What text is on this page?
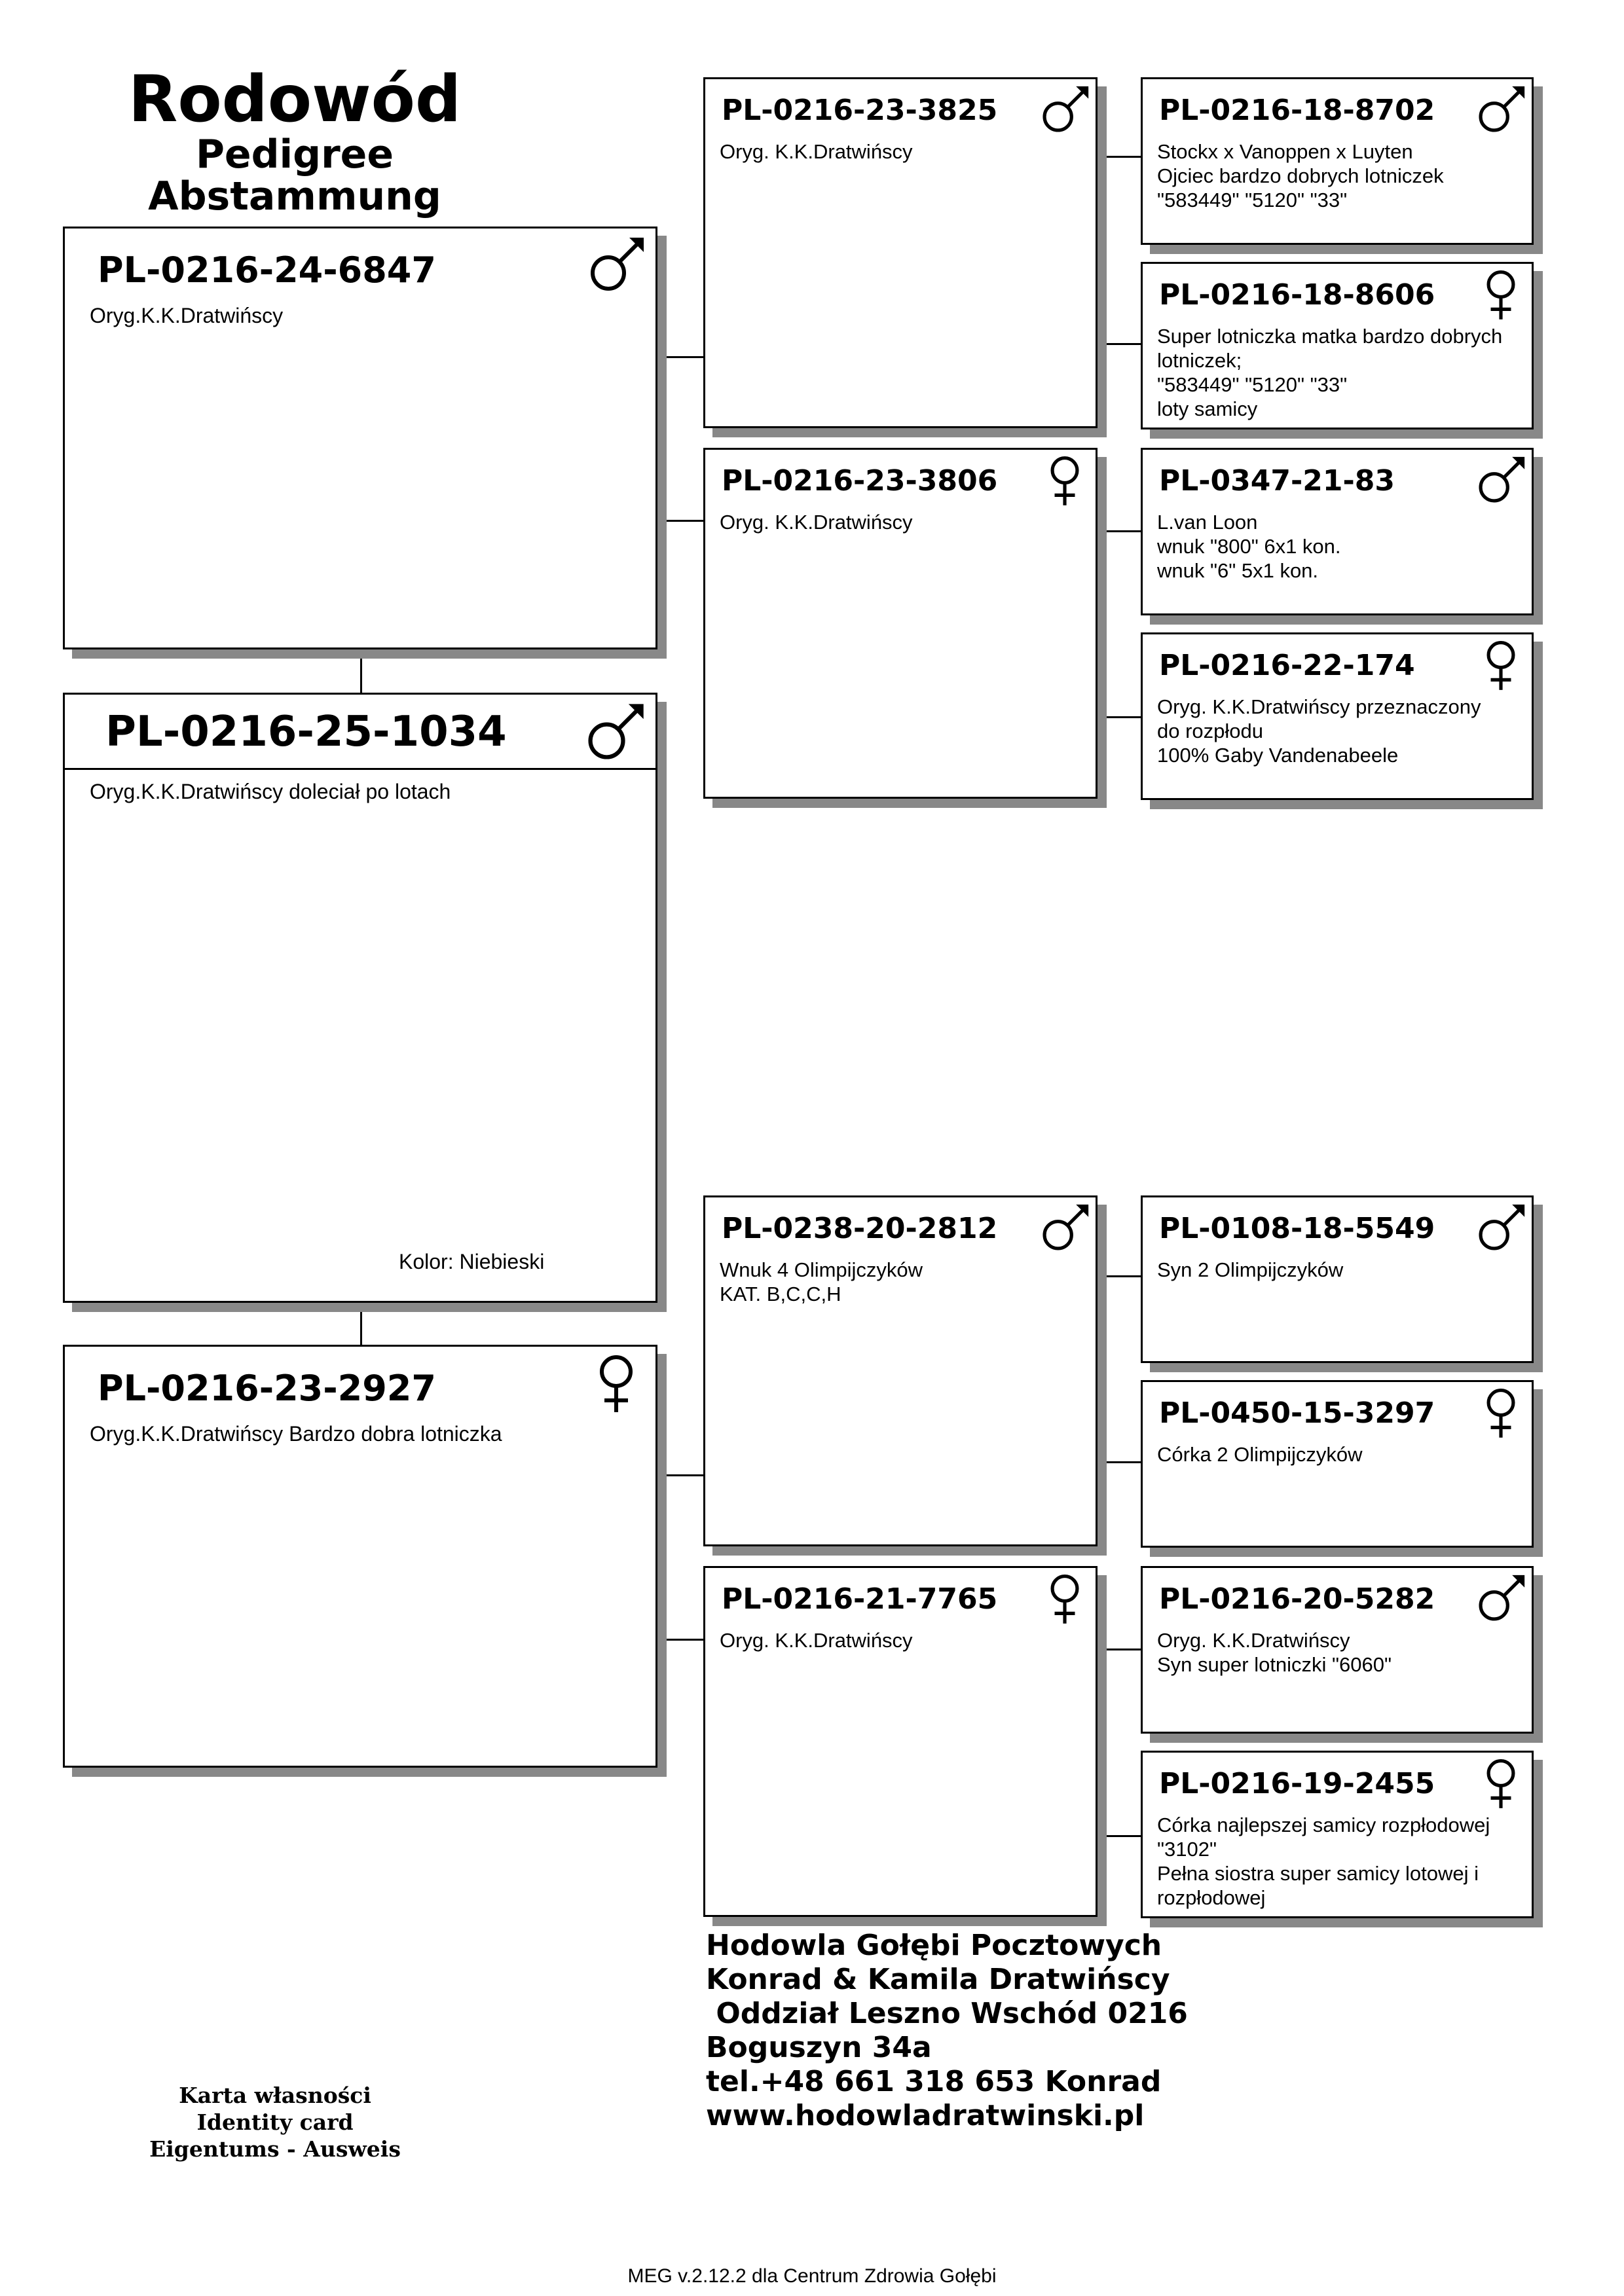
Rodowód
Pedigree
Abstammung
PL-0216-24-6847
Oryg.K.K.Dratwińscy
PL-0216-25-1034
Oryg.K.K.Dratwińscy doleciał po lotach
Kolor: Niebieski
PL-0216-23-2927
Oryg.K.K.Dratwińscy Bardzo dobra lotniczka
PL-0216-23-3825
Oryg. K.K.Dratwińscy
PL-0216-23-3806
Oryg. K.K.Dratwińscy
PL-0238-20-2812
Wnuk 4 Olimpijczyków
KAT. B,C,C,H
PL-0216-21-7765
Oryg. K.K.Dratwińscy
PL-0216-18-8702
Stockx x Vanoppen x Luyten
Ojciec bardzo dobrych lotniczek
"583449" "5120" "33"
PL-0216-18-8606
Super lotniczka matka bardzo dobrych
lotniczek;
"583449" "5120" "33"
loty samicy
PL-0347-21-83
L.van Loon
wnuk "800" 6x1 kon.
wnuk "6" 5x1 kon.
PL-0216-22-174
Oryg. K.K.Dratwińscy przeznaczony
do rozpłodu
100% Gaby Vandenabeele
PL-0108-18-5549
Syn 2 Olimpijczyków
PL-0450-15-3297
Córka 2 Olimpijczyków
PL-0216-20-5282
Oryg. K.K.Dratwińscy
Syn super lotniczki "6060"
PL-0216-19-2455
Córka najlepszej samicy rozpłodowej
"3102"
Pełna siostra super samicy lotowej i
rozpłodowej
Hodowla Gołębi Pocztowych
Konrad & Kamila Dratwińscy
Oddział Leszno Wschód 0216
Boguszyn 34a
tel.+48 661 318 653 Konrad
www.hodowladratwinski.pl
Karta własności
Identity card
Eigentums - Ausweis
MEG v.2.12.2 dla Centrum Zdrowia Gołębi
